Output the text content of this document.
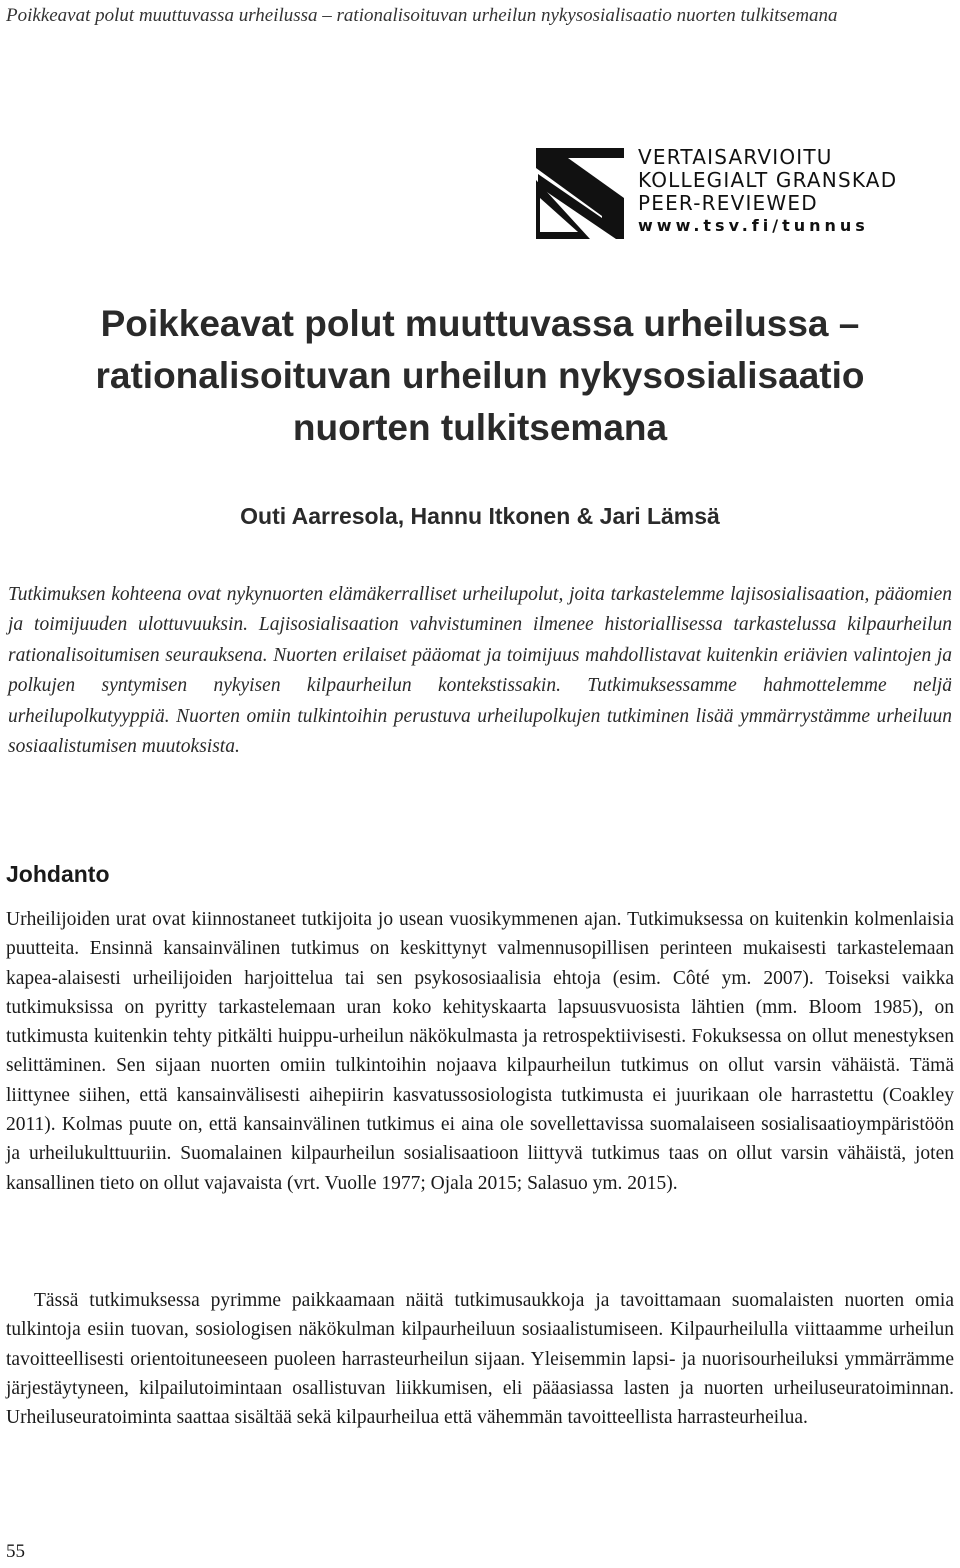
Poikkeavat polut muuttuvassa urheilussa – rationalisoituvan urheilun nykysosialisaatio nuorten tulkitsemana
VERTAISARVIOITU
KOLLEGIALT GRANSKAD
PEER-REVIEWED
www.tsv.fi/tunnus
Poikkeavat polut muuttuvassa urheilussa –
rationalisoituvan urheilun nykysosialisaatio
nuorten tulkitsemana
Outi Aarresola, Hannu Itkonen & Jari Lämsä

Tutkimuksen kohteena ovat nykynuorten elämäkerralliset urheilupolut, joita tarkastelemme lajisosialisaation, pääomien ja toimijuuden ulottuvuuksin. Lajisosialisaation vahvistuminen ilmenee historiallisessa tarkastelussa kilpaurheilun rationalisoitumisen seurauksena. Nuorten erilaiset pääomat ja toimijuus mahdollistavat kuitenkin eriävien valintojen ja polkujen syntymisen nykyisen kilpaurheilun kontekstissakin. Tutkimuksessamme hahmottelemme neljä urheilupolkutyyppiä. Nuorten omiin tulkintoihin perustuva urheilupolkujen tutkiminen lisää ymmärrystämme urheiluun sosiaalistumisen muutoksista.

Johdanto

Urheilijoiden urat ovat kiinnostaneet tutkijoita jo usean vuosikymmenen ajan. Tutkimuksessa on kuitenkin kolmenlaisia puutteita. Ensinnä kansainvälinen tutkimus on keskittynyt valmennusopillisen perinteen mukaisesti tarkastelemaan kapea-alaisesti urheilijoiden harjoittelua tai sen psykososiaalisia ehtoja (esim. Côté ym. 2007). Toiseksi vaikka tutkimuksissa on pyritty tarkastelemaan uran koko kehityskaarta lapsuusvuosista lähtien (mm. Bloom 1985), on tutkimusta kuitenkin tehty pitkälti huippu-urheilun näkökulmasta ja retrospektiivisesti. Fokuksessa on ollut menestyksen selittäminen. Sen sijaan nuorten omiin tulkintoihin nojaava kilpaurheilun tutkimus on ollut varsin vähäistä. Tämä liittynee siihen, että kansainvälisesti aihepiirin kasvatussosiologista tutkimusta ei juurikaan ole harrastettu (Coakley 2011). Kolmas puute on, että kansainvälinen tutkimus ei aina ole sovellettavissa suomalaiseen sosialisaatioympäristöön ja urheilukulttuuriin. Suomalainen kilpaurheilun sosialisaatioon liittyvä tutkimus taas on ollut varsin vähäistä, joten kansallinen tieto on ollut vajavaista (vrt. Vuolle 1977; Ojala 2015; Salasuo ym. 2015).

Tässä tutkimuksessa pyrimme paikkaamaan näitä tutkimusaukkoja ja tavoittamaan suomalaisten nuorten omia tulkintoja esiin tuovan, sosiologisen näkökulman kilpaurheiluun sosiaalistumiseen. Kilpaurheilulla viittaamme urheilun tavoitteellisesti orientoituneeseen puoleen harrasteurheilun sijaan. Yleisemmin lapsi- ja nuorisourheiluksi ymmärrämme järjestäytyneen, kilpailutoimintaan osallistuvan liikkumisen, eli pääasiassa lasten ja nuorten urheiluseuratoiminnan. Urheiluseuratoiminta saattaa sisältää sekä kilpaurheilua että vähemmän tavoitteellista harrasteurheilua.

55
